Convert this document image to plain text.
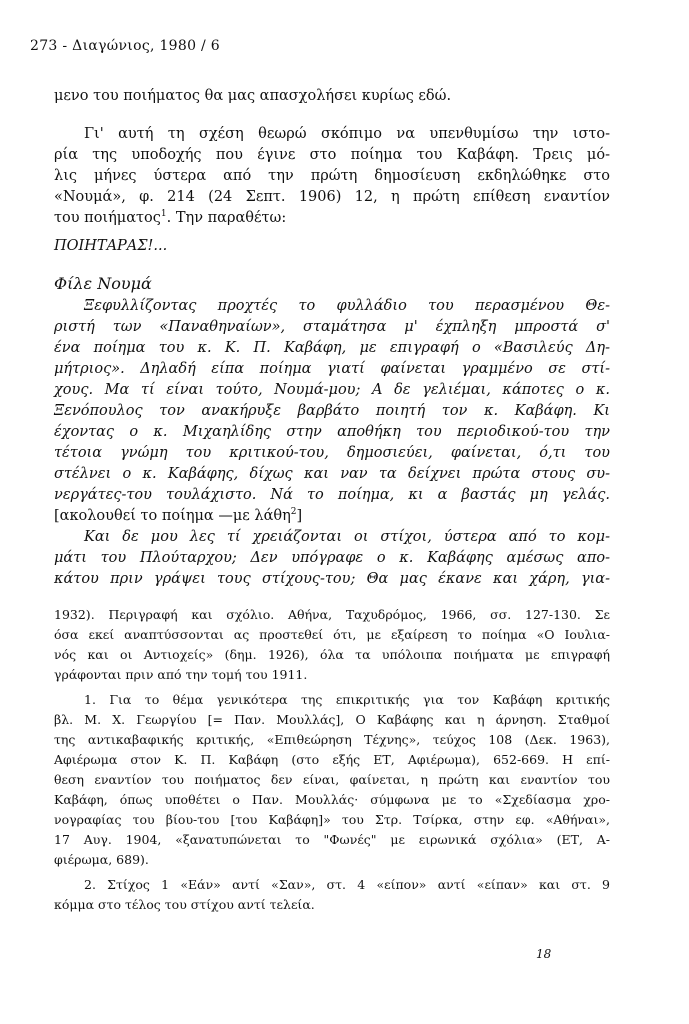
273 - Διαγώνιος, 1980 / 6
μενο του ποιήματος θα μας απασχολήσει κυρίως εδώ.
Γι' αυτή τη σχέση θεωρώ σκόπιμο να υπενθυμίσω την ιστο-
ρία της υποδοχής που έγινε στο ποίημα του Καβάφη. Τρεις μό-
λις μήνες ύστερα από την πρώτη δημοσίευση εκδηλώθηκε στο
«Νουμά», φ. 214 (24 Σεπτ. 1906) 12, η πρώτη επίθεση εναντίον
του ποιήματος$^1$. Την παραθέτω:
ΠΟΙΗΤΑΡΑΣ!...
Φίλε Νουμά
Ξεφυλλίζοντας προχτές το φυλλάδιο του περασμένου Θε-
ριστή των «Παναθηναίων», σταμάτησα μ' έχπληξη μπροστά σ'
ένα ποίημα του κ. Κ. Π. Καβάφη, με επιγραφή ο «Βασιλεύς Δη-
μήτριος». Δηλαδή είπα ποίημα γιατί φαίνεται γραμμένο σε στί-
χους. Μα τί είναι τούτο, Νουμά-μου; Α δε γελιέμαι, κάποτες ο κ.
Ξενόπουλος τον ανακήρυξε βαρβάτο ποιητή τον κ. Καβάφη. Κι
έχοντας ο κ. Μιχαηλίδης στην αποθήκη του περιοδικού-του την
τέτοια γνώμη του κριτικού-του, δημοσιεύει, φαίνεται, ό,τι του
στέλνει ο κ. Καβάφης, δίχως και ναν τα δείχνει πρώτα στους συ-
νεργάτες-του τουλάχιστο. Νά το ποίημα, κι α βαστάς μη γελάς.
[ακολουθεί το ποίημα —με λάθη$^2$]
Και δε μου λες τί χρειάζονται οι στίχοι, ύστερα από το κομ-
μάτι του Πλούταρχου; Δεν υπόγραφε ο κ. Καβάφης αμέσως απο-
κάτου πριν γράψει τους στίχους-του; Θα μας έκανε και χάρη, για-
1932). Περιγραφή και σχόλιο. Αθήνα, Ταχυδρόμος, 1966, σσ. 127-130. Σε
όσα εκεί αναπτύσσονται ας προστεθεί ότι, με εξαίρεση το ποίημα «Ο Ιουλια-
νός και οι Αντιοχείς» (δημ. 1926), όλα τα υπόλοιπα ποιήματα με επιγραφή
γράφονται πριν από την τομή του 1911.
1. Για το θέμα γενικότερα της επικριτικής για τον Καβάφη κριτικής
βλ. Μ. Χ. Γεωργίου [= Παν. Μουλλάς], Ο Καβάφης και η άρνηση. Σταθμοί
της αντικαβαφικής κριτικής, «Επιθεώρηση Τέχνης», τεύχος 108 (Δεκ. 1963),
Αφιέρωμα στον Κ. Π. Καβάφη (στο εξής ΕΤ, Αφιέρωμα), 652-669. Η επί-
θεση εναντίον του ποιήματος δεν είναι, φαίνεται, η πρώτη και εναντίον του
Καβάφη, όπως υποθέτει ο Παν. Μουλλάς· σύμφωνα με το «Σχεδίασμα χρο-
νογραφίας του βίου-του [του Καβάφη]» του Στρ. Τσίρκα, στην εφ. «Αθήναι»,
17 Αυγ. 1904, «ξανατυπώνεται το "Φωνές" με ειρωνικά σχόλια» (ΕΤ, Α-
φιέρωμα, 689).
2. Στίχος 1 «Εάν» αντί «Σαν», στ. 4 «είπον» αντί «είπαν» και στ. 9
κόμμα στο τέλος του στίχου αντί τελεία.
18
